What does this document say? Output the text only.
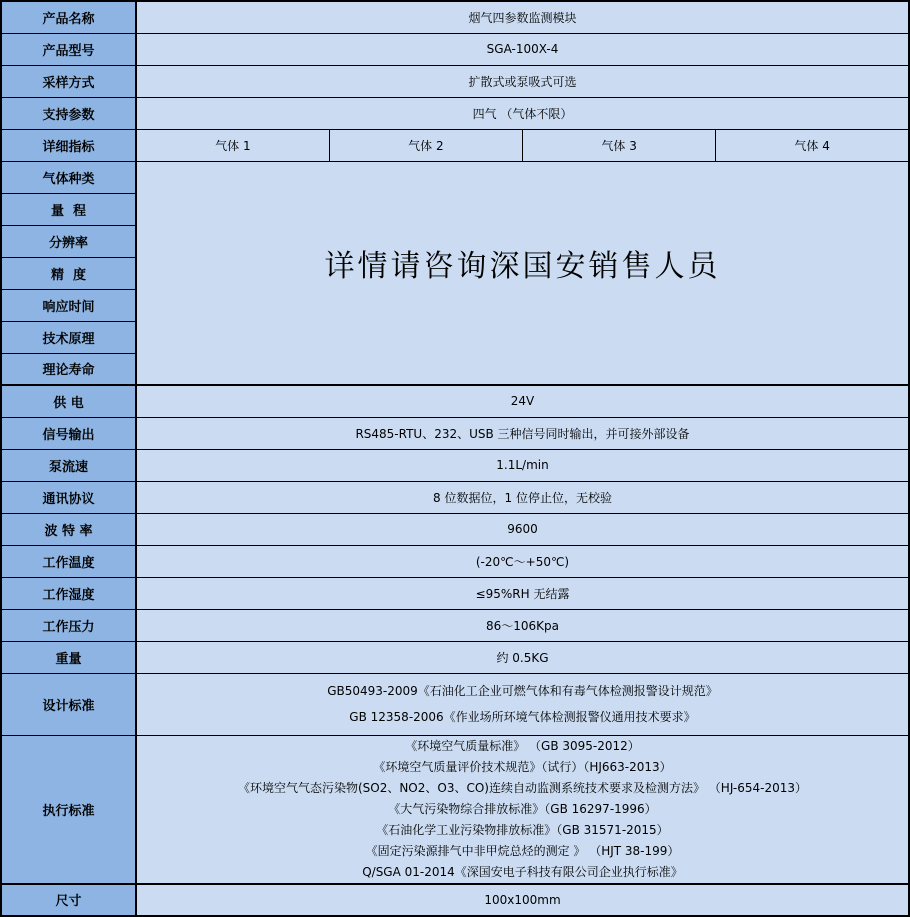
产品名称	烟气四参数监测模块			
产品型号	SGA-100X-4			
采样方式	扩散式或泵吸式可选			
支持参数	四气 （气体不限）			
详细指标	气体 1	气体 2	气体 3	气体 4
气体种类	详情请咨询深国安销售人员			

量  程				
分辨率				
精  度				
响应时间				
技术原理				
理论寿命				
供 电	24V			
信号输出	RS485-RTU、232、USB 三种信号同时输出，并可接外部设备			
泵流速	1.1L/min			
通讯协议	8 位数据位，1 位停止位，无校验			
波 特 率	9600			
工作温度	(-20℃～+50℃)			
工作湿度	≤95%RH 无结露			
工作压力	86～106Kpa			
重量	约 0.5KG			
设计标准	GB50493-2009《石油化工企业可燃气体和有毒气体检测报警设计规范》
GB 12358-2006《作业场所环境气体检测报警仪通用技术要求》			

执行标准	
《环境空气质量标准》 （GB 3095-2012）
《环境空气质量评价技术规范》（试行）（HJ663-2013）
《环境空气气态污染物(SO2、NO2、O3、CO)连续自动监测系统技术要求及检测方法》 （HJ-654-2013）
《大气污染物综合排放标准》（GB 16297-1996）
《石油化学工业污染物排放标准》（GB 31571-2015）
《固定污染源排气中非甲烷总烃的测定 》 （HJT 38-199）
Q/SGA 01-2014《深国安电子科技有限公司企业执行标准》

尺寸	100x100mm			
